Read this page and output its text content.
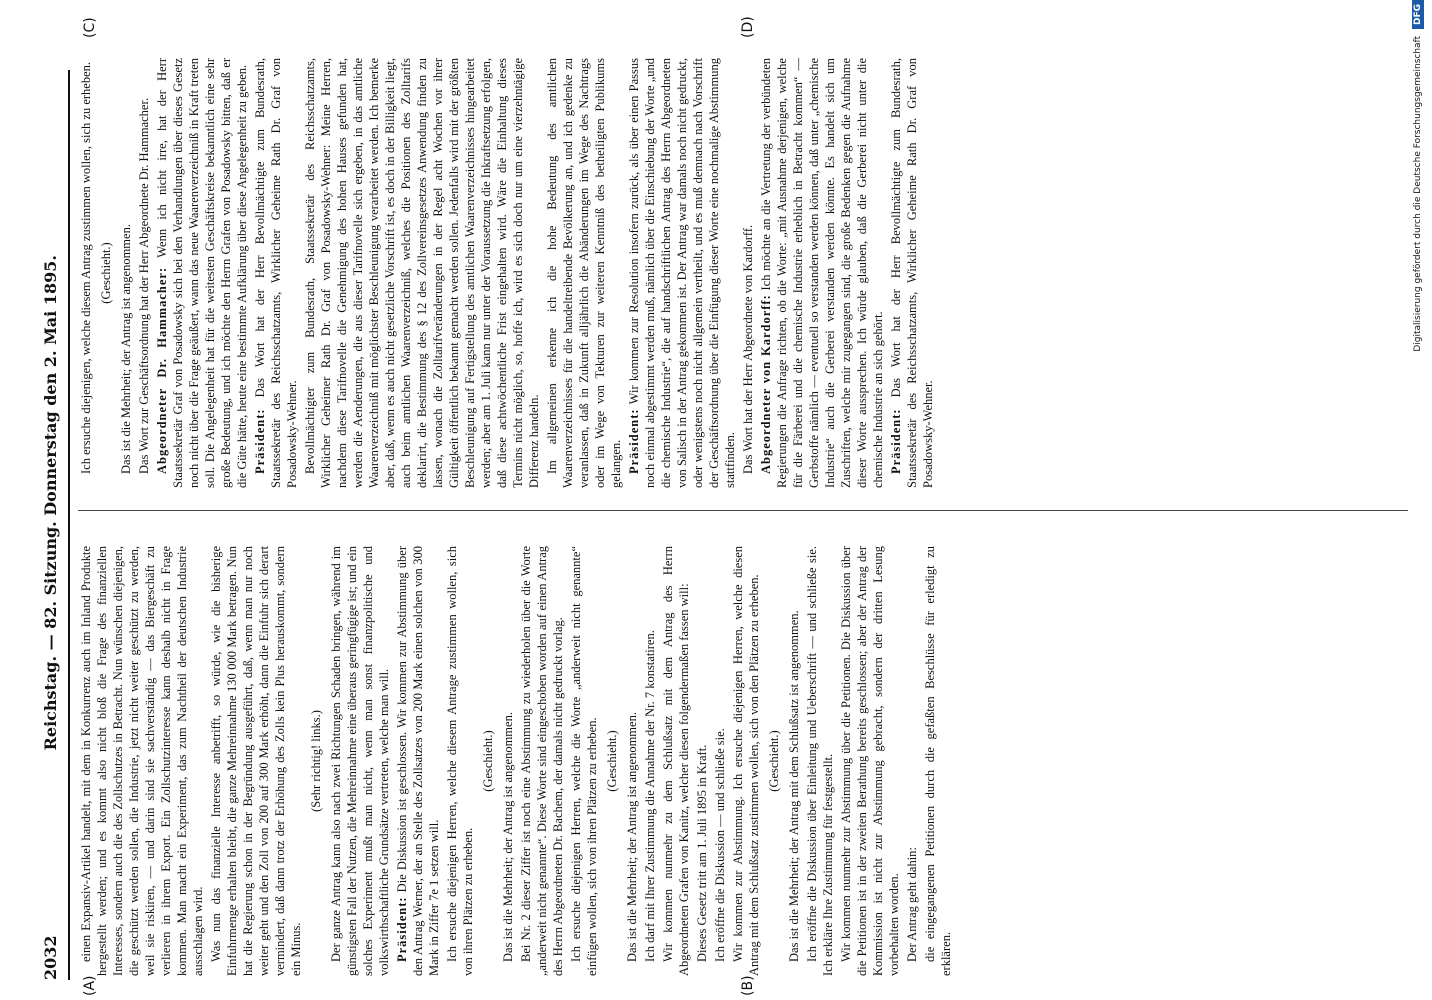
2032
Reichstag. — 82. Sitzung. Donnerstag den 2. Mai 1895.
(A)	(B)
(C)	(D)

einen Expansiv-Artikel handelt, mit dem in Konkurrenz auch im Inland Produkte hergestellt werden; und es kommt also nicht bloß die Frage des finanziellen Interesses, sondern auch die des Zollschutzes in Betracht. Nun wünschen diejenigen, die geschützt werden sollen, die Industrie, jetzt nicht weiter geschützt zu werden, weil sie riskiren, — und darin sind sie sachverständig — das Biergeschäft zu verlieren in ihrem Export. Ein Zollschutzinteresse kann deshalb nicht in Frage kommen. Man macht ein Experiment, das zum Nachtheil der deutschen Industrie ausschlagen wird. Was nun das finanzielle Interesse anbetrifft, so würde, wie die bisherige Einfuhrmenge erhalten bleibt, die ganze Mehreinnahme 130 000 Mark betragen. Nun hat die Regierung schon in der Begründung ausgeführt, daß, wenn man nur noch weiter geht und den Zoll von 200 auf 300 Mark erhöht, dann die Einfuhr sich derart vermindert, daß dann trotz der Erhöhung des Zolls kein Plus herauskommt, sondern ein Minus.

(Sehr richtig! links.) Der ganze Antrag kann also nach zwei Richtungen Schaden bringen, während im günstigsten Fall der Nutzen, die Mehreinnahme eine überaus geringfügige ist; und ein solches Experiment mußt man nicht, wenn man sonst finanzpolitische und volkswirthschaftliche Grundsätze vertreten, welche man will. Präsident: Die Diskussion ist geschlossen. Wir kommen zur Abstimmung über den Antrag Werner, der an Stelle des Zollsatzes von 200 Mark einen solchen von 300 Mark in Ziffer 7e 1 setzen will. Ich ersuche diejenigen Herren, welche diesem Antrage zustimmen wollen, sich von ihren Plätzen zu erheben.

(Geschieht.) Das ist die Mehrheit; der Antrag ist angenommen. Bei Nr. 2 dieser Ziffer ist noch eine Abstimmung zu wiederholen über die Worte „anderweit nicht genannte“. Diese Worte sind eingeschoben worden auf einen Antrag des Herrn Abgeordneten Dr. Bachem, der damals nicht gedruckt vorlag. Ich ersuche diejenigen Herren, welche die Worte „anderweit nicht genannte“ einfügen wollen, sich von ihren Plätzen zu erheben. (Geschieht.) Das ist die Mehrheit; der Antrag ist angenommen. Ich darf mit Ihrer Zustimmung die Annahme der Nr. 7 konstatiren. Wir kommen nunmehr zu dem Schlußsatz mit dem Antrag des Herrn Abgeordneten Grafen von Kanitz, welcher diesen folgendermaßen fassen will: Dieses Gesetz tritt am 1. Juli 1895 in Kraft. Ich eröffne die Diskussion — und schließe sie. Wir kommen zur Abstimmung. Ich ersuche diejenigen Herren, welche diesen Antrag mit dem Schlußsatz zustimmen wollen, sich von den Plätzen zu erheben. (Geschieht.) Das ist die Mehrheit; der Antrag mit dem Schlußsatz ist angenommen. Ich eröffne die Diskussion über Einleitung und Ueberschrift — und schließe sie. Ich erkläre Ihre Zustimmung für festgestellt. Wir kommen nunmehr zur Abstimmung über die Petitionen. Die Diskussion über die Petitionen ist in der zweiten Berathung bereits geschlossen; aber der Antrag der Kommission ist nicht zur Abstimmung gebracht, sondern der dritten Lesung vorbehalten worden. Der Antrag geht dahin: die eingegangenen Petitionen durch die gefaßten Beschlüsse für erledigt zu erklären.

Ich ersuche diejenigen, welche diesem Antrag zustimmen wollen, sich zu erheben. (Geschieht.) Das ist die Mehrheit; der Antrag ist angenommen. Das Wort zur Geschäftsordnung hat der Herr Abgeordnete Dr. Hammacher. Abgeordneter Dr. Hammacher: Wenn ich nicht irre, hat der Herr Staatssekretär Graf von Posadowsky sich bei den Verhandlungen über dieses Gesetz noch nicht über die Frage geäußert, wann das neue Waarenverzeichniß in Kraft treten soll. Die Angelegenheit hat für die weitesten Geschäftskreise bekanntlich eine sehr große Bedeutung, und ich möchte den Herrn Grafen von Posadowsky bitten, daß er die Güte hätte, heute eine bestimmte Aufklärung über diese Angelegenheit zu geben. Präsident: Das Wort hat der Herr Bevollmächtigte zum Bundesrath, Staatssekretär des Reichsschatzamts, Wirklicher Geheime Rath Dr. Graf von Posadowsky-Wehner. Bevollmächtigter zum Bundesrath, Staatssekretär des Reichsschatzamts, Wirklicher Geheimer Rath Dr. Graf von Posadowsky-Wehner: Meine Herren, nachdem diese Tarifnovelle die Genehmigung des hohen Hauses gefunden hat, werden die Aenderungen, die aus dieser Tarifnovelle sich ergeben, in das amtliche Waarenverzeichniß mit möglichster Beschleunigung verarbeitet werden. Ich bemerke aber, daß, wenn es auch nicht gesetzliche Vorschrift ist, es doch in der Billigkeit liegt, auch beim amtlichen Waarenverzeichniß, welches die Positionen des Zolltarifs deklarirt, die Bestimmung des § 12 des Zollvereinsgesetzes Anwendung finden zu lassen, wonach die Zolltarifveränderungen in der Regel acht Wochen vor ihrer Gültigkeit öffentlich bekannt gemacht werden sollen. Jedenfalls wird mit der größten Beschleunigung auf Fertigstellung des amtlichen Waarenverzeichnisses hingearbeitet werden; aber am 1. Juli kann nur unter der Voraussetzung die Inkraftsetzung erfolgen, daß diese achtwöchentliche Frist eingehalten wird. Wäre die Einhaltung dieses Termins nicht möglich, so, hoffe ich, wird es sich doch nur um eine vierzehntägige Differenz handeln. Im allgemeinen erkenne ich die hohe Bedeutung des amtlichen Waarenverzeichnisses für die handeltreibende Bevölkerung an, und ich gedenke zu veranlassen, daß in Zukunft alljährlich die Abänderungen im Wege des Nachtrags oder im Wege von Tekturen zur weiteren Kenntniß des betheiligten Publikums gelangen. Präsident: Wir kommen zur Resolution insofern zurück, als über einen Passus noch einmal abgestimmt werden muß, nämlich über die Einschiebung der Worte „und die chemische Industrie“, die auf handschriftlichen Antrag des Herrn Abgeordneten von Salisch in der Antrag gekommen ist. Der Antrag war damals noch nicht gedruckt, oder wenigstens noch nicht allgemein vertheilt, und es muß demnach nach Vorschrift der Geschäftsordnung über die Einfügung dieser Worte eine nochmalige Abstimmung stattfinden. Das Wort hat der Herr Abgeordnete von Kardorff. Abgeordneter von Kardorff: Ich möchte an die Vertretung der verbündeten Regierungen die Anfrage richten, ob die Worte: „mit Ausnahme derjenigen, welche für die Färberei und die chemische Industrie erheblich in Betracht kommen“ — Gerbstoffe nämlich — eventuell so verstanden werden können, daß unter „chemische Industrie“ auch die Gerberei verstanden werden könnte. Es handelt sich um Zuschriften, welche mir zugegangen sind, die große Bedenken gegen die Aufnahme dieser Worte aussprechen. Ich würde glauben, daß die Gerberei nicht unter die chemische Industrie an sich gehört. Präsident: Das Wort hat der Herr Bevollmächtigte zum Bundesrath, Staatssekretär des Reichsschatzamts, Wirklicher Geheime Rath Dr. Graf von Posadowsky-Wehner.

Digitalisierung gefördert durch die Deutsche Forschungsgemeinschaft DFG
